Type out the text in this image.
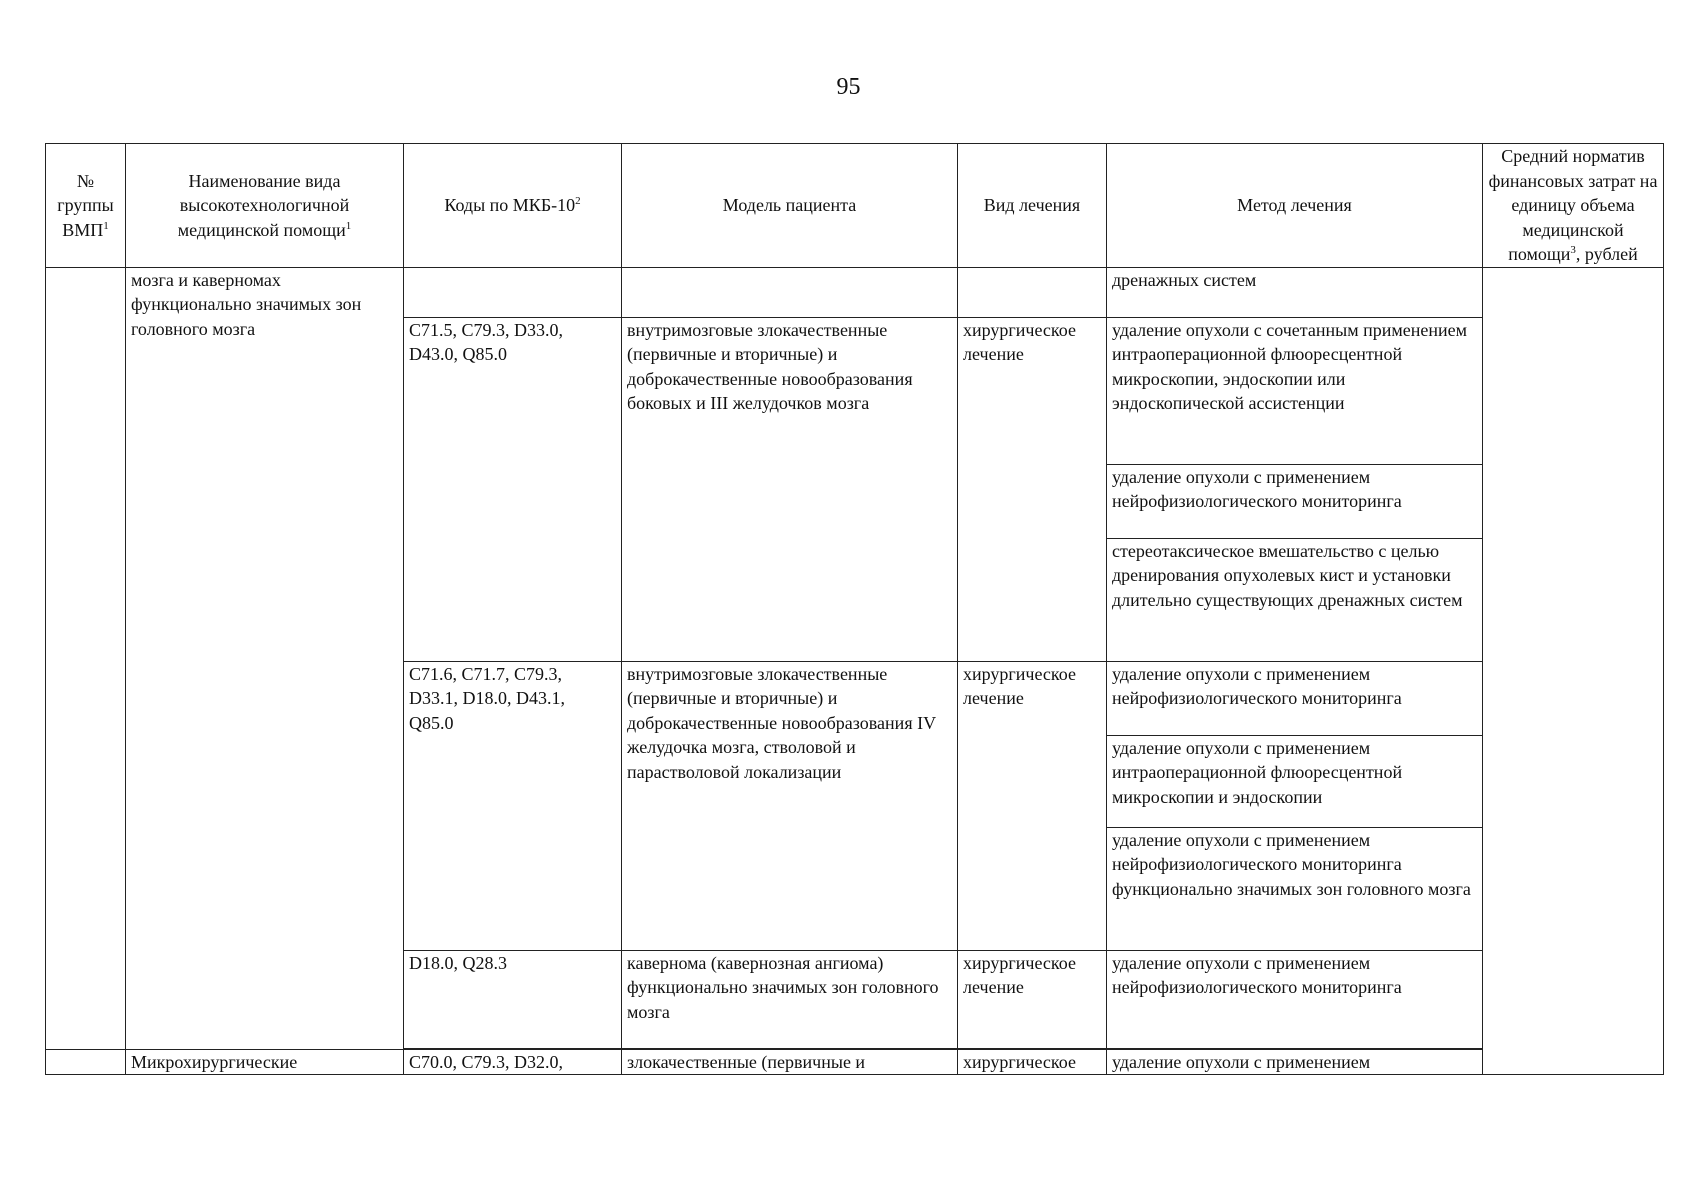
95
№ группы ВМП$^1$	Наименование вида высокотехнологичной медицинской помощи$^1$	Коды по МКБ-$10^2$	Модель пациента	Вид лечения	Метод лечения	Средний норматив финансовых затрат на единицу объема медицинской помощи$^3$, рублей

	мозга и каверномах функционально значимых зон головного мозга				дренажных систем	

		C71.5, C79.3, D33.0, D43.0, Q85.0	внутримозговые злокачественные (первичные и вторичные) и доброкачественные новообразования боковых и III желудочков мозга	хирургическое лечение	удаление опухоли с сочетанным применением интраоперационной флюоресцентной микроскопии, эндоскопии или эндоскопической ассистенции	

					удаление опухоли с применением нейрофизиологического мониторинга	

					стереотаксическое вмешательство с целью дренирования опухолевых кист и установки длительно существующих дренажных систем	

		C71.6, C71.7, C79.3, D33.1, D18.0, D43.1, Q85.0	внутримозговые злокачественные (первичные и вторичные) и доброкачественные новообразования IV желудочка мозга, стволовой и парастволовой локализации	хирургическое лечение	удаление опухоли с применением нейрофизиологического мониторинга	

					удаление опухоли с применением интраоперационной флюоресцентной микроскопии и эндоскопии	

					удаление опухоли с применением нейрофизиологического мониторинга функционально значимых зон головного мозга	

		D18.0, Q28.3	кавернома (кавернозная ангиома) функционально значимых зон головного мозга	хирургическое лечение	удаление опухоли с применением нейрофизиологического мониторинга	

	Микрохирургические	C70.0, C79.3, D32.0,	злокачественные (первичные и	хирургическое	удаление опухоли с применением	
